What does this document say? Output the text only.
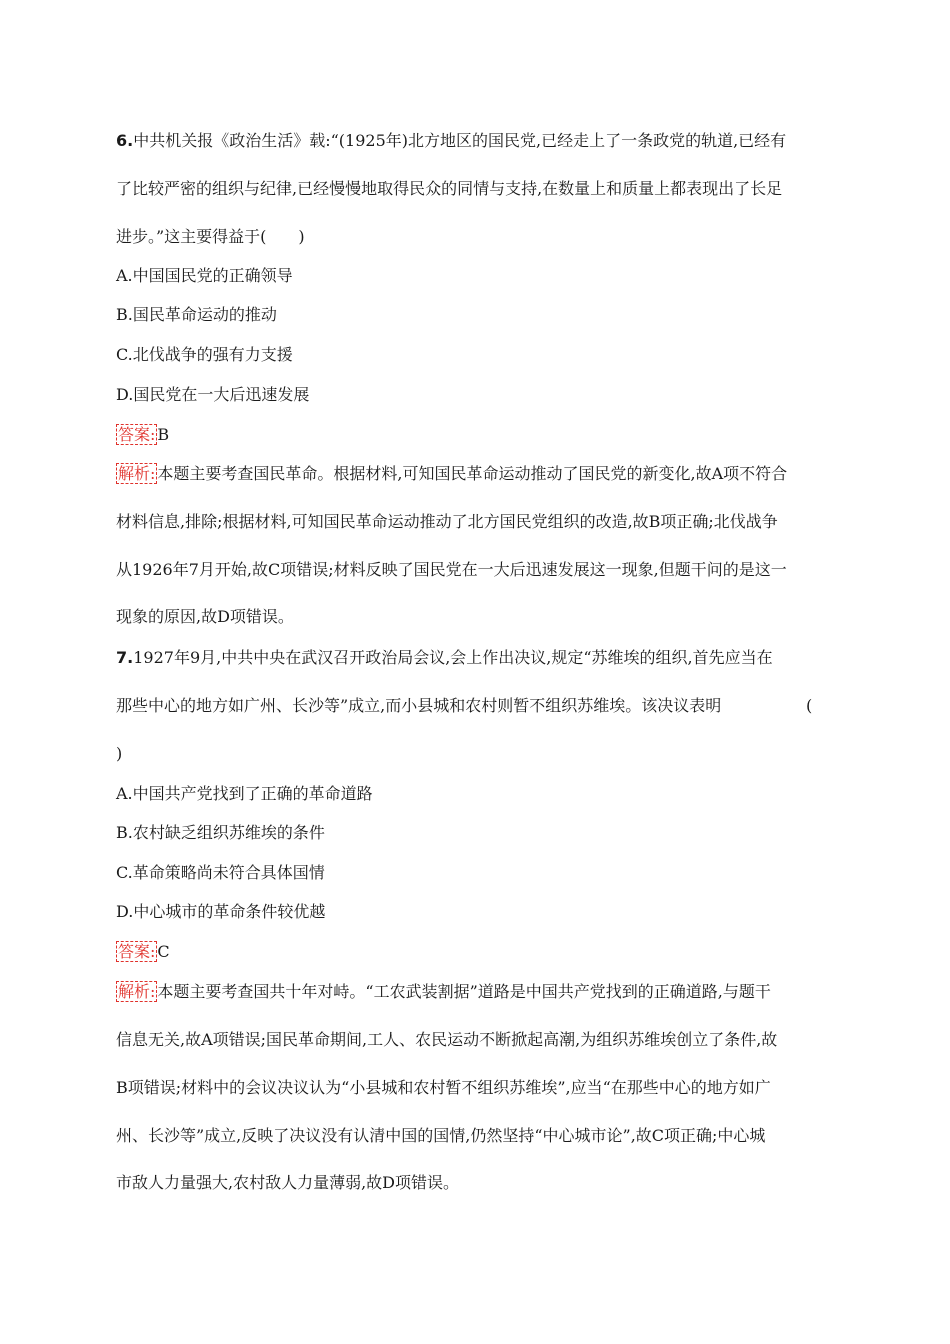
6.中共机关报《政治生活》载:“(1925年)北方地区的国民党,已经走上了一条政党的轨道,已经有
了比较严密的组织与纪律,已经慢慢地取得民众的同情与支持,在数量上和质量上都表现出了长足
进步。”这主要得益于(　　)
A.中国国民党的正确领导
B.国民革命运动的推动
C.北伐战争的强有力支援
D.国民党在一大后迅速发展
答案: B
解析: 本题主要考查国民革命。根据材料,可知国民革命运动推动了国民党的新变化,故A项不符合
材料信息,排除;根据材料,可知国民革命运动推动了北方国民党组织的改造,故B项正确;北伐战争
从1926年7月开始,故C项错误;材料反映了国民党在一大后迅速发展这一现象,但题干问的是这一
现象的原因,故D项错误。
7.1927年9月,中共中央在武汉召开政治局会议,会上作出决议,规定“苏维埃的组织,首先应当在
那些中心的地方如广州、长沙等”成立,而小县城和农村则暂不组织苏维埃。该决议表明	(
)
A.中国共产党找到了正确的革命道路
B.农村缺乏组织苏维埃的条件
C.革命策略尚未符合具体国情
D.中心城市的革命条件较优越
答案: C
解析: 本题主要考查国共十年对峙。“工农武装割据”道路是中国共产党找到的正确道路,与题干
信息无关,故A项错误;国民革命期间,工人、农民运动不断掀起高潮,为组织苏维埃创立了条件,故
B项错误;材料中的会议决议认为“小县城和农村暂不组织苏维埃”,应当“在那些中心的地方如广
州、长沙等”成立,反映了决议没有认清中国的国情,仍然坚持“中心城市论”,故C项正确;中心城
市敌人力量强大,农村敌人力量薄弱,故D项错误。
